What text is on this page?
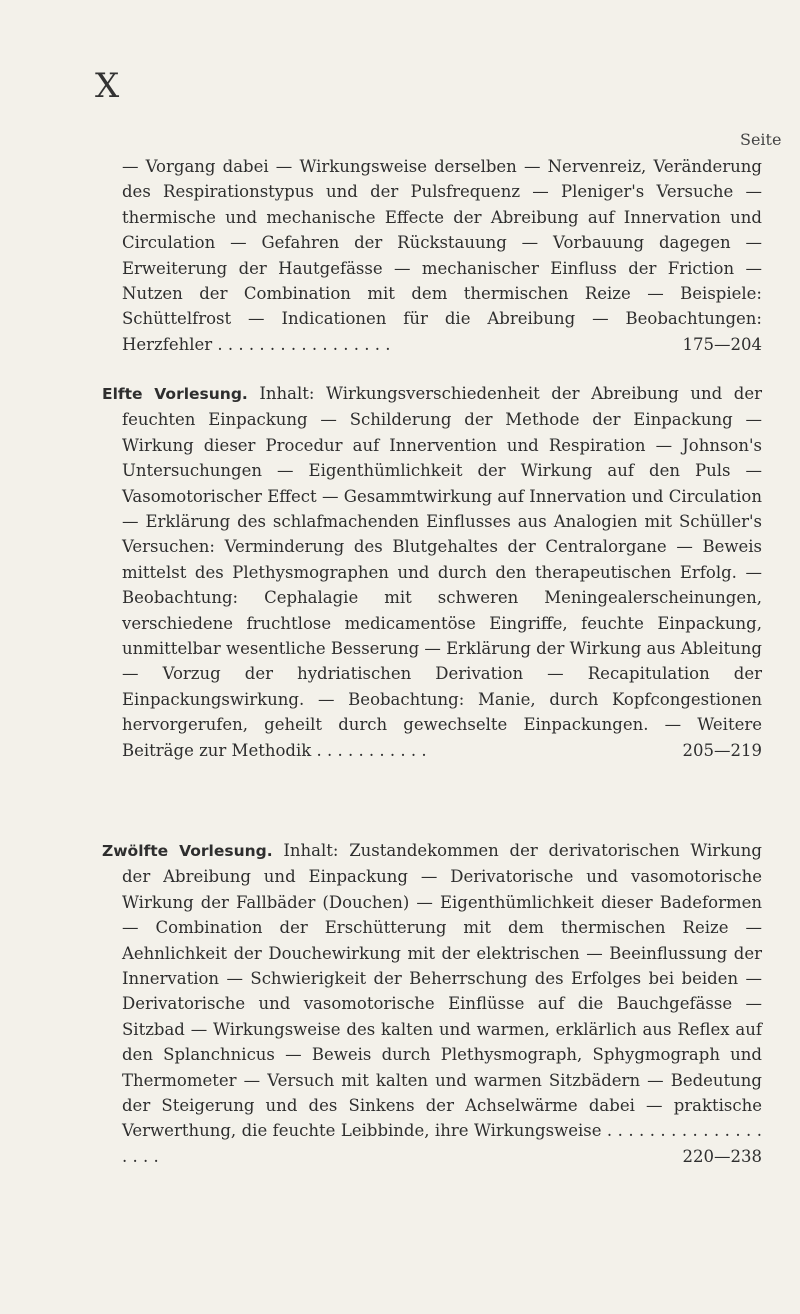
X
Seite
— Vorgang dabei — Wirkungsweise derselben — Nervenreiz, Veränderung des Respirationstypus und der Pulsfrequenz — Pleniger's Versuche — thermische und mechanische Effecte der Abreibung auf Innervation und Circulation — Gefahren der Rückstauung — Vorbauung dagegen — Erweiterung der Hautgefässe — mechanischer Einfluss der Friction — Nutzen der Combination mit dem thermischen Reize — Beispiele: Schüttelfrost — Indicationen für die Abreibung — Beobachtungen: Herzfehler . . . . . . . . . . . . . . . . .	175—204
Elfte Vorlesung. Inhalt: Wirkungsverschiedenheit der Abreibung und der feuchten Einpackung — Schilderung der Methode der Einpackung — Wirkung dieser Procedur auf Innervention und Respiration — Johnson's Untersuchungen — Eigenthümlichkeit der Wirkung auf den Puls — Vasomotorischer Effect — Gesammtwirkung auf Innervation und Circulation — Erklärung des schlafmachenden Einflusses aus Analogien mit Schüller's Versuchen: Verminderung des Blutgehaltes der Centralorgane — Beweis mittelst des Plethysmographen und durch den therapeutischen Erfolg. — Beobachtung: Cephalagie mit schweren Meningealerscheinungen, verschiedene fruchtlose medicamentöse Eingriffe, feuchte Einpackung, unmittelbar wesentliche Besserung — Erklärung der Wirkung aus Ableitung — Vorzug der hydriatischen Derivation — Recapitulation der Einpackungswirkung. — Beobachtung: Manie, durch Kopfcongestionen hervorgerufen, geheilt durch gewechselte Einpackungen. — Weitere Beiträge zur Methodik . . . . . . . . . . .	205—219
Zwölfte Vorlesung. Inhalt: Zustandekommen der derivatorischen Wirkung der Abreibung und Einpackung — Derivatorische und vasomotorische Wirkung der Fallbäder (Douchen) — Eigenthümlichkeit dieser Badeformen — Combination der Erschütterung mit dem thermischen Reize — Aehnlichkeit der Douchewirkung mit der elektrischen — Beeinflussung der Innervation — Schwierigkeit der Beherrschung des Erfolges bei beiden — Derivatorische und vasomotorische Einflüsse auf die Bauchgefässe — Sitzbad — Wirkungsweise des kalten und warmen, erklärlich aus Reflex auf den Splanchnicus — Beweis durch Plethysmograph, Sphygmograph und Thermometer — Versuch mit kalten und warmen Sitzbädern — Bedeutung der Steigerung und des Sinkens der Achselwärme dabei — praktische Verwerthung, die feuchte Leibbinde, ihre Wirkungsweise . . . . . . . . . . . . . . . . . . .	220—238
